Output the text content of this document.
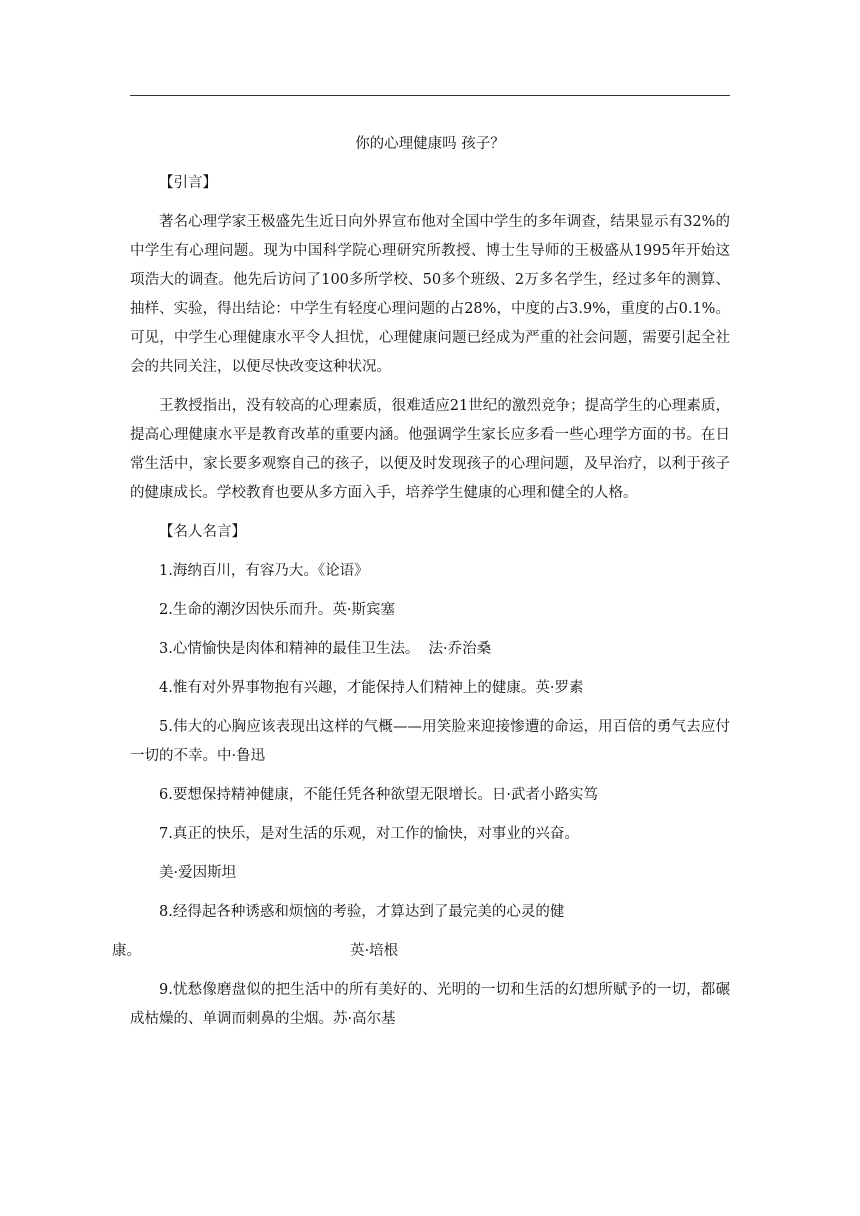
你的心理健康吗 孩子？

【引言】

著名心理学家王极盛先生近日向外界宣布他对全国中学生的多年调查，结果显示有32%的中学生有心理问题。现为中国科学院心理研究所教授、博士生导师的王极盛从1995年开始这项浩大的调查。他先后访问了100多所学校、50多个班级、2万多名学生，经过多年的测算、抽样、实验，得出结论：中学生有轻度心理问题的占28%，中度的占3.9%，重度的占0.1%。可见，中学生心理健康水平令人担忧，心理健康问题已经成为严重的社会问题，需要引起全社会的共同关注，以便尽快改变这种状况。

王教授指出，没有较高的心理素质，很难适应21世纪的激烈竞争；提高学生的心理素质，提高心理健康水平是教育改革的重要内涵。他强调学生家长应多看一些心理学方面的书。在日常生活中，家长要多观察自己的孩子，以便及时发现孩子的心理问题，及早治疗，以利于孩子的健康成长。学校教育也要从多方面入手，培养学生健康的心理和健全的人格。

【名人名言】

1.海纳百川，有容乃大。《论语》

2.生命的潮汐因快乐而升。英·斯宾塞

3.心情愉快是肉体和精神的最佳卫生法。  法·乔治桑

4.惟有对外界事物抱有兴趣，才能保持人们精神上的健康。英·罗素

5.伟大的心胸应该表现出这样的气概——用笑脸来迎接惨遭的命运，用百倍的勇气去应付一切的不幸。中·鲁迅

6.要想保持精神健康，不能任凭各种欲望无限增长。日·武者小路实笃

7.真正的快乐，是对生活的乐观，对工作的愉快，对事业的兴奋。

美·爱因斯坦

8.经得起各种诱惑和烦恼的考验，才算达到了最完美的心灵的健

康。

	英·培根

9.忧愁像磨盘似的把生活中的所有美好的、光明的一切和生活的幻想所赋予的一切，都碾成枯燥的、单调而刺鼻的尘烟。苏·高尔基
